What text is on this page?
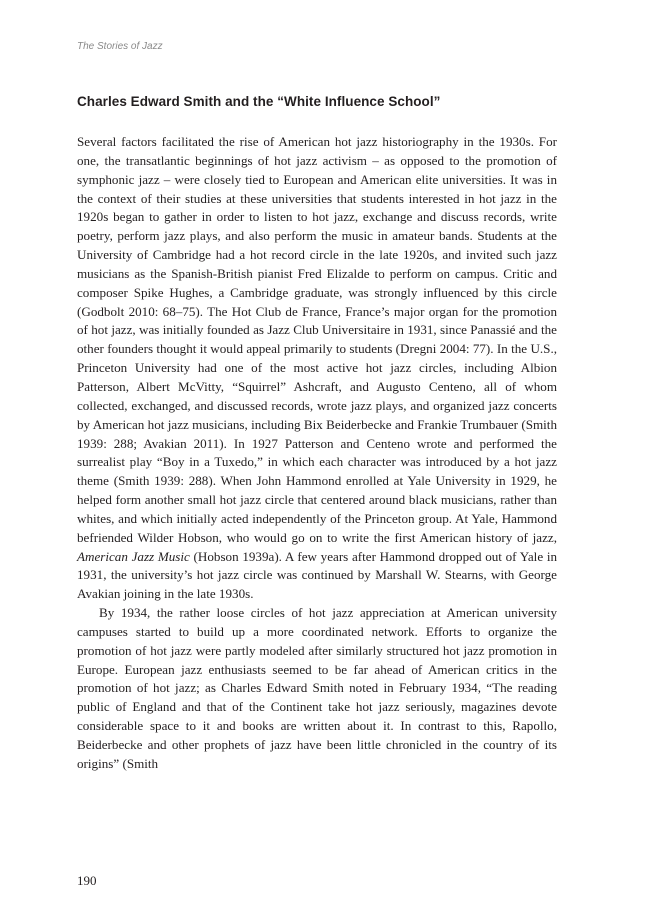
The Stories of Jazz
Charles Edward Smith and the “White Influence School”

Several factors facilitated the rise of American hot jazz historiography in the 1930s. For one, the transatlantic beginnings of hot jazz activism – as opposed to the promotion of symphonic jazz – were closely tied to European and American elite universities. It was in the context of their studies at these universities that students interested in hot jazz in the 1920s began to gather in order to listen to hot jazz, exchange and discuss records, write poetry, perform jazz plays, and also perform the music in amateur bands. Students at the University of Cambridge had a hot record circle in the late 1920s, and invited such jazz musicians as the Spanish-British pianist Fred Elizalde to perform on campus. Critic and composer Spike Hughes, a Cambridge graduate, was strongly influenced by this circle (Godbolt 2010: 68–75). The Hot Club de France, France’s major organ for the promotion of hot jazz, was initially founded as Jazz Club Universitaire in 1931, since Panassié and the other founders thought it would appeal primarily to students (Dregni 2004: 77). In the U.S., Princeton University had one of the most active hot jazz circles, including Albion Patterson, Albert McVitty, “Squirrel” Ashcraft, and Augusto Centeno, all of whom collected, exchanged, and discussed records, wrote jazz plays, and organized jazz concerts by American hot jazz musicians, including Bix Beiderbecke and Frankie Trumbauer (Smith 1939: 288; Avakian 2011). In 1927 Patterson and Centeno wrote and performed the surrealist play “Boy in a Tuxedo,” in which each character was introduced by a hot jazz theme (Smith 1939: 288). When John Hammond enrolled at Yale University in 1929, he helped form another small hot jazz circle that centered around black musicians, rather than whites, and which initially acted independently of the Princeton group. At Yale, Hammond befriended Wilder Hobson, who would go on to write the first American history of jazz, American Jazz Music (Hobson 1939a). A few years after Hammond dropped out of Yale in 1931, the university’s hot jazz circle was continued by Marshall W. Stearns, with George Avakian joining in the late 1930s.

By 1934, the rather loose circles of hot jazz appreciation at American university campuses started to build up a more coordinated network. Efforts to organize the promotion of hot jazz were partly modeled after similarly structured hot jazz promotion in Europe. European jazz enthusiasts seemed to be far ahead of American critics in the promotion of hot jazz; as Charles Edward Smith noted in February 1934, “The reading public of England and that of the Continent take hot jazz seriously, magazines devote considerable space to it and books are written about it. In contrast to this, Rapollo, Beiderbecke and other prophets of jazz have been little chronicled in the country of its origins” (Smith

190
